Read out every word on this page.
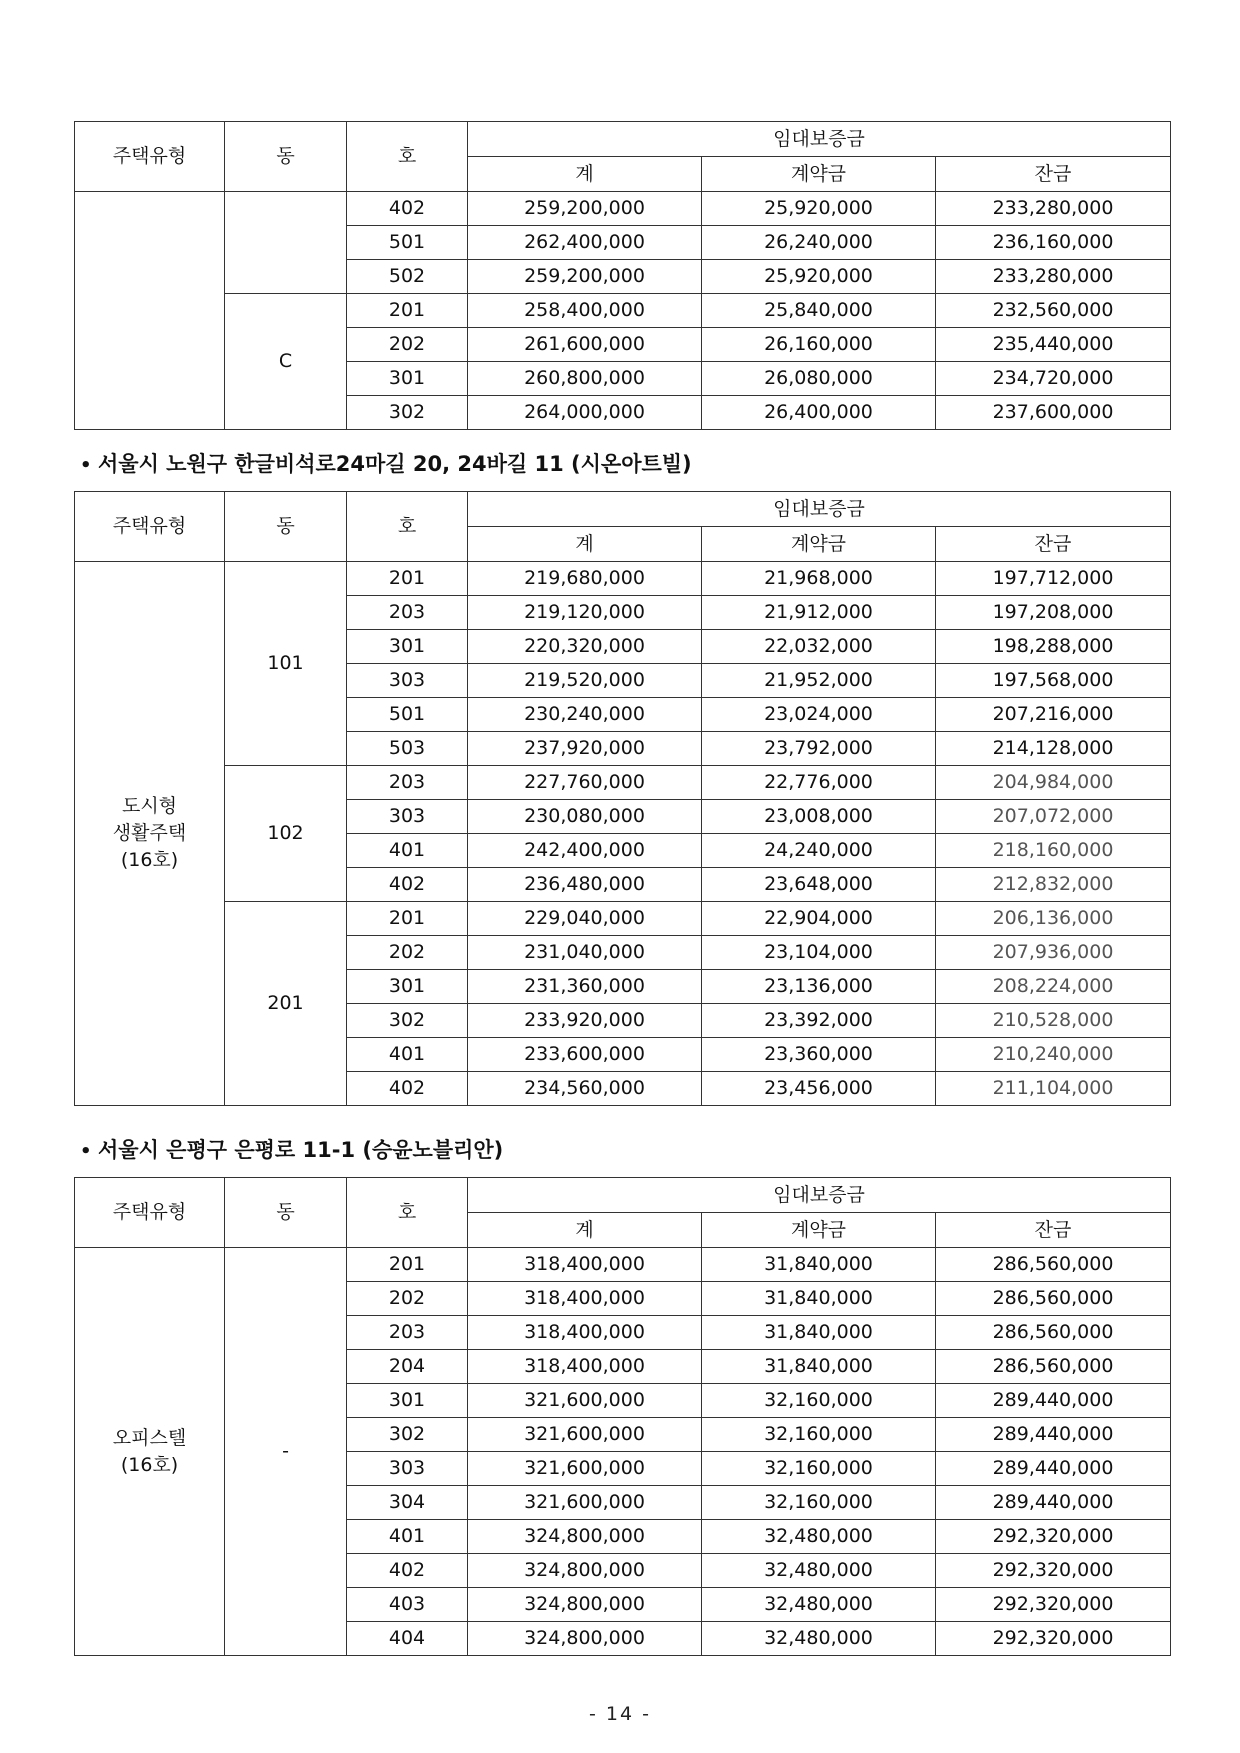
주택유형	동	호	임대보증금		
			계	계약금	잔금
		402	259,200,000	25,920,000	233,280,000
		501	262,400,000	26,240,000	236,160,000
		502	259,200,000	25,920,000	233,280,000
	C	201	258,400,000	25,840,000	232,560,000
		202	261,600,000	26,160,000	235,440,000
		301	260,800,000	26,080,000	234,720,000
		302	264,000,000	26,400,000	237,600,000
• 서울시 노원구 한글비석로24마길 20, 24바길 11 (시온아트빌)
주택유형	동	호	임대보증금		
			계	계약금	잔금
도시형
생활주택
(16호)	101	201	219,680,000	21,968,000	197,712,000
		203	219,120,000	21,912,000	197,208,000
		301	220,320,000	22,032,000	198,288,000
		303	219,520,000	21,952,000	197,568,000
		501	230,240,000	23,024,000	207,216,000
		503	237,920,000	23,792,000	214,128,000
	102	203	227,760,000	22,776,000	204,984,000
		303	230,080,000	23,008,000	207,072,000
		401	242,400,000	24,240,000	218,160,000
		402	236,480,000	23,648,000	212,832,000
	201	201	229,040,000	22,904,000	206,136,000
		202	231,040,000	23,104,000	207,936,000
		301	231,360,000	23,136,000	208,224,000
		302	233,920,000	23,392,000	210,528,000
		401	233,600,000	23,360,000	210,240,000
		402	234,560,000	23,456,000	211,104,000
• 서울시 은평구 은평로 11-1 (승윤노블리안)
주택유형	동	호	임대보증금		
			계	계약금	잔금
오피스텔
(16호)	-	201	318,400,000	31,840,000	286,560,000
		202	318,400,000	31,840,000	286,560,000
		203	318,400,000	31,840,000	286,560,000
		204	318,400,000	31,840,000	286,560,000
		301	321,600,000	32,160,000	289,440,000
		302	321,600,000	32,160,000	289,440,000
		303	321,600,000	32,160,000	289,440,000
		304	321,600,000	32,160,000	289,440,000
		401	324,800,000	32,480,000	292,320,000
		402	324,800,000	32,480,000	292,320,000
		403	324,800,000	32,480,000	292,320,000
		404	324,800,000	32,480,000	292,320,000
- 14 -
